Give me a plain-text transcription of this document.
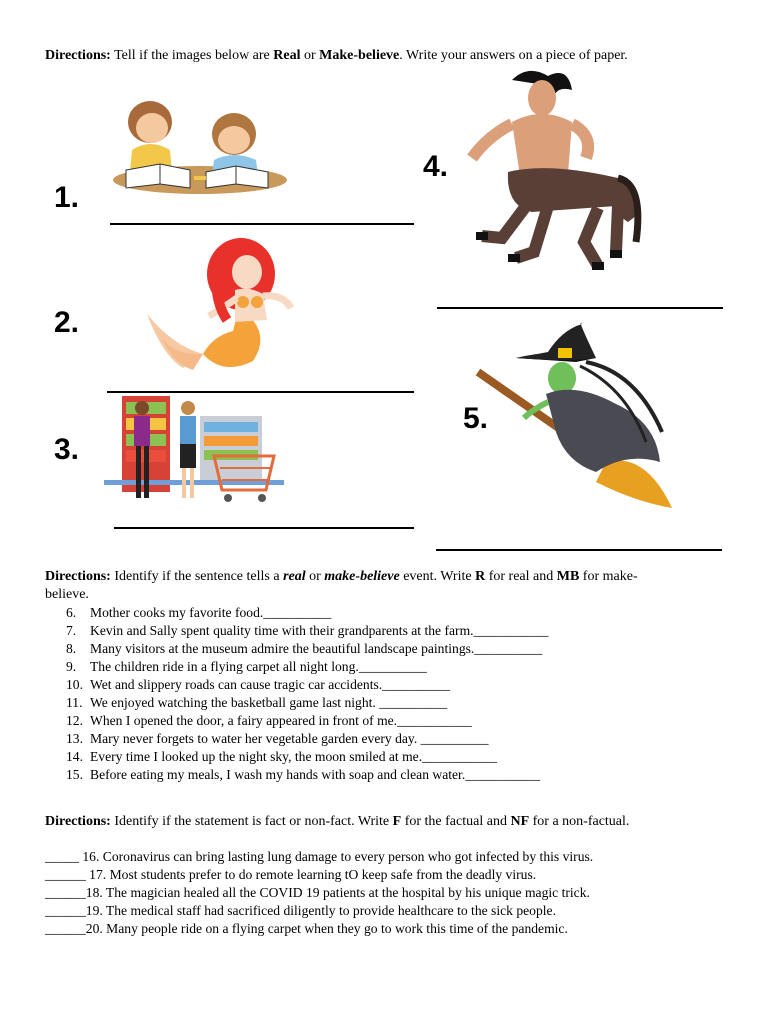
Directions: Tell if the images below are Real or Make-believe. Write your answers on a piece of paper.
1.
2.
3.
4.
5.
Directions: Identify if the sentence tells a real or make-believe event. Write R for real and MB for make-
believe.
6. Mother cooks my favorite food.__________
7. Kevin and Sally spent quality time with their grandparents at the farm.___________
8. Many visitors at the museum admire the beautiful landscape paintings.__________
9. The children ride in a flying carpet all night long.__________
10. Wet and slippery roads can cause tragic car accidents.__________
11. We enjoyed watching the basketball game last night. __________
12. When I opened the door, a fairy appeared in front of me.___________
13. Mary never forgets to water her vegetable garden every day. __________
14. Every time I looked up the night sky, the moon smiled at me.___________
15. Before eating my meals, I wash my hands with soap and clean water.___________
Directions: Identify if the statement is fact or non-fact. Write F for the factual and NF for a non-factual.
_____ 16. Coronavirus can bring lasting lung damage to every person who got infected by this virus.
______ 17. Most students prefer to do remote learning tO keep safe from the deadly virus.
______18. The magician healed all the COVID 19 patients at the hospital by his unique magic trick.
______19. The medical staff had sacrificed diligently to provide healthcare to the sick people.
______20. Many people ride on a flying carpet when they go to work this time of the pandemic.
